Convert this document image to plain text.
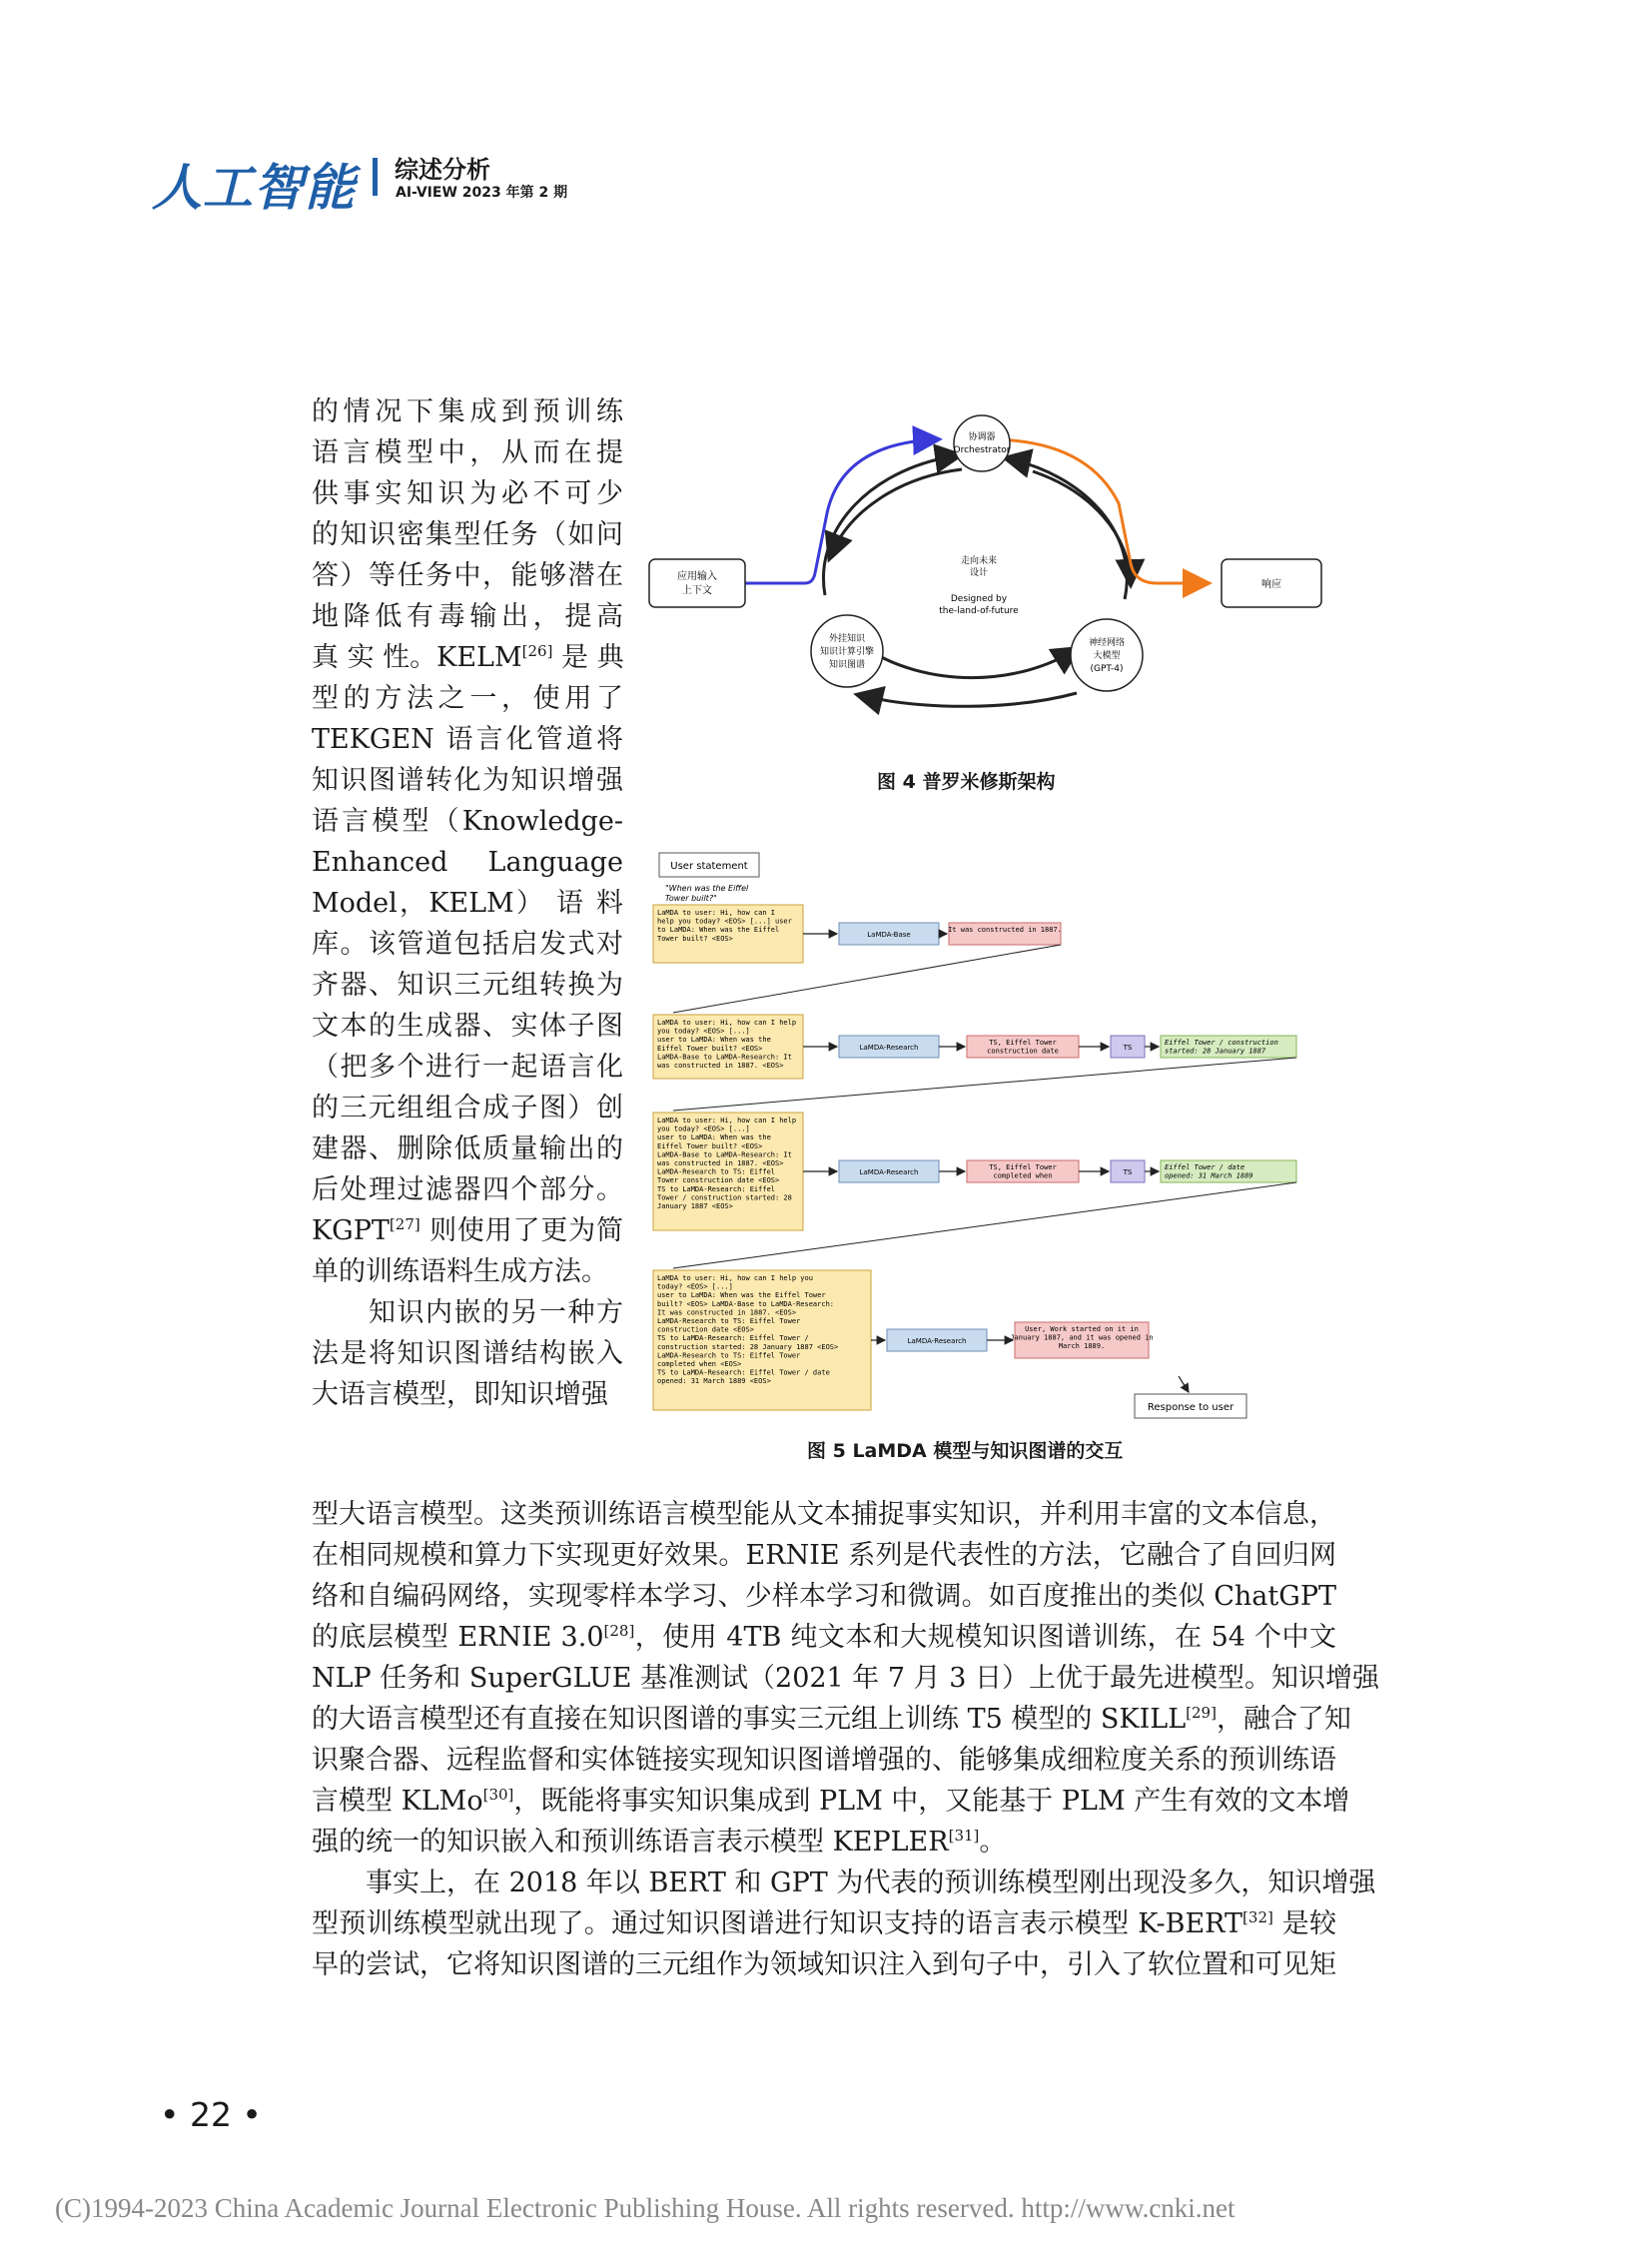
人工智能 综述分析
AI-VIEW 2023 年第 2 期
的情况下集成到预训练
语言模型中，从而在提
供事实知识为必不可少
的知识密集型任务（如问
答）等任务中，能够潜在
地降低有毒输出，提高
真 实 性。KELM[26] 是 典
型的方法之一，使用了
TEKGEN 语言化管道将
知识图谱转化为知识增强
语言模型（Knowledge-
Enhanced Language
Model，KELM） 语 料
库。该管道包括启发式对
齐器、知识三元组转换为
文本的生成器、实体子图
（把多个进行一起语言化
的三元组组合成子图）创
建器、删除低质量输出的
后处理过滤器四个部分。
KGPT[27] 则使用了更为简
单的训练语料生成方法。
　　知识内嵌的另一种方
法是将知识图谱结构嵌入
大语言模型，即知识增强
应用输入
上下文
协调器
Orchestrator
走向未来
设计
Designed by
the-land-of-future
外挂知识
知识计算引擎
知识图谱
神经网络
大模型
(GPT-4)
响应
图 4 普罗米修斯架构
User statement
"When was the Eiffel
Tower built?"
LaMDA to user: Hi, how can I
help you today? <EOS> [...] user
to LaMDA: When was the Eiffel
Tower built? <EOS>	LaMDA-Base
It was constructed in 1887.
LaMDA to user: Hi, how can I help
you today? <EOS> [...]
user to LaMDA: When was the
Eiffel Tower built? <EOS>
LaMDA-Base to LaMDA-Research: It
was constructed in 1887. <EOS>
LaMDA-Research
TS, Eiffel Tower
construction date	TS
Eiffel Tower / construction
started: 28 January 1887
LaMDA to user: Hi, how can I help
you today? <EOS> [...]
user to LaMDA: When was the
Eiffel Tower built? <EOS>
LaMDA-Base to LaMDA-Research: It
was constructed in 1887. <EOS>
LaMDA-Research to TS: Eiffel
Tower construction date <EOS>
TS to LaMDA-Research: Eiffel
Tower / construction started: 28
January 1887 <EOS>
LaMDA-Research
TS, Eiffel Tower
completed when	TS
Eiffel Tower / date
opened: 31 March 1889
LaMDA to user: Hi, how can I help you
today? <EOS> [...]
user to LaMDA: When was the Eiffel Tower
built? <EOS> LaMDA-Base to LaMDA-Research:
It was constructed in 1887. <EOS>
LaMDA-Research to TS: Eiffel Tower
construction date <EOS>
TS to LaMDA-Research: Eiffel Tower /
construction started: 28 January 1887 <EOS>
LaMDA-Research to TS: Eiffel Tower
completed when <EOS>
TS to LaMDA-Research: Eiffel Tower / date
opened: 31 March 1889 <EOS>
LaMDA-Research
User, Work started on it in
January 1887, and it was opened in
March 1889.
Response to user
图 5 LaMDA 模型与知识图谱的交互
型大语言模型。这类预训练语言模型能从文本捕捉事实知识，并利用丰富的文本信息，
在相同规模和算力下实现更好效果。ERNIE 系列是代表性的方法，它融合了自回归网
络和自编码网络，实现零样本学习、少样本学习和微调。如百度推出的类似 ChatGPT
的底层模型 ERNIE 3.0[28]，使用 4TB 纯文本和大规模知识图谱训练，在 54 个中文
NLP 任务和 SuperGLUE 基准测试（2021 年 7 月 3 日）上优于最先进模型。知识增强
的大语言模型还有直接在知识图谱的事实三元组上训练 T5 模型的 SKILL[29]，融合了知
识聚合器、远程监督和实体链接实现知识图谱增强的、能够集成细粒度关系的预训练语
言模型 KLMo[30]，既能将事实知识集成到 PLM 中，又能基于 PLM 产生有效的文本增
强的统一的知识嵌入和预训练语言表示模型 KEPLER[31]。
　　事实上，在 2018 年以 BERT 和 GPT 为代表的预训练模型刚出现没多久，知识增强
型预训练模型就出现了。通过知识图谱进行知识支持的语言表示模型 K-BERT[32] 是较
早的尝试，它将知识图谱的三元组作为领域知识注入到句子中，引入了软位置和可见矩
• 22 •
(C)1994-2023 China Academic Journal Electronic Publishing House. All rights reserved. http://www.cnki.net
